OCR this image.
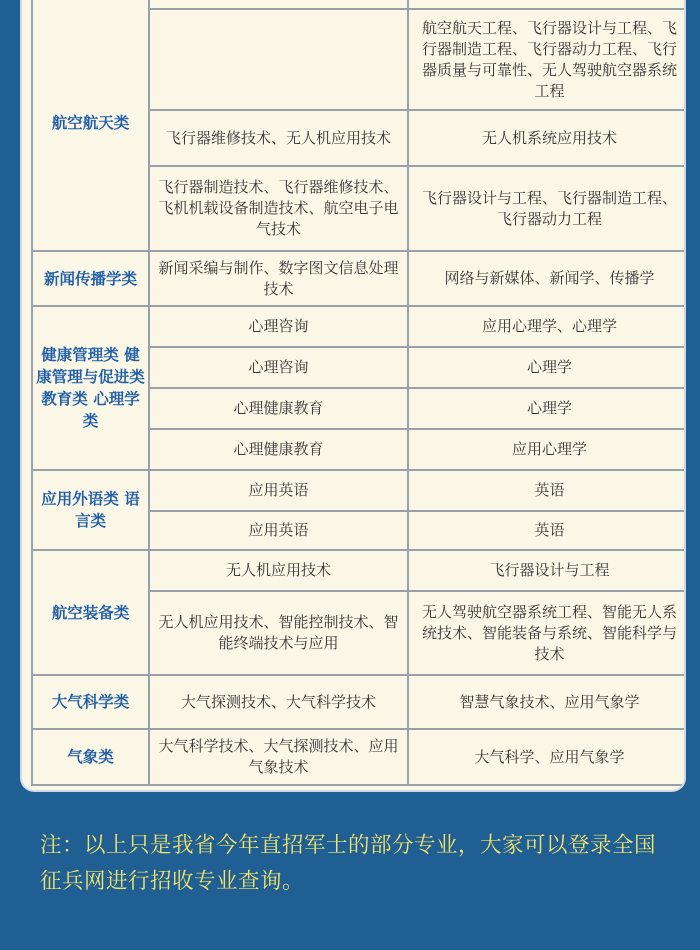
航空航天类		
		航空航天工程、飞行器设计与工程、飞行器制造工程、飞行器动力工程、飞行器质量与可靠性、无人驾驶航空器系统工程
	飞行器维修技术、无人机应用技术	无人机系统应用技术
	飞行器制造技术、飞行器维修技术、飞机机载设备制造技术、航空电子电气技术	飞行器设计与工程、飞行器制造工程、飞行器动力工程
新闻传播学类	新闻采编与制作、数字图文信息处理技术	网络与新媒体、新闻学、传播学
健康管理类 健康管理与促进类 教育类 心理学类	心理咨询	应用心理学、心理学
	心理咨询	心理学
	心理健康教育	心理学
	心理健康教育	应用心理学
应用外语类 语言类	应用英语	英语
	应用英语	英语
航空装备类	无人机应用技术	飞行器设计与工程
	无人机应用技术、智能控制技术、智能终端技术与应用	无人驾驶航空器系统工程、智能无人系统技术、智能装备与系统、智能科学与技术
大气科学类	大气探测技术、大气科学技术	智慧气象技术、应用气象学
气象类	大气科学技术、大气探测技术、应用气象技术	大气科学、应用气象学
注：以上只是我省今年直招军士的部分专业，大家可以登录全国征兵网进行招收专业查询。
